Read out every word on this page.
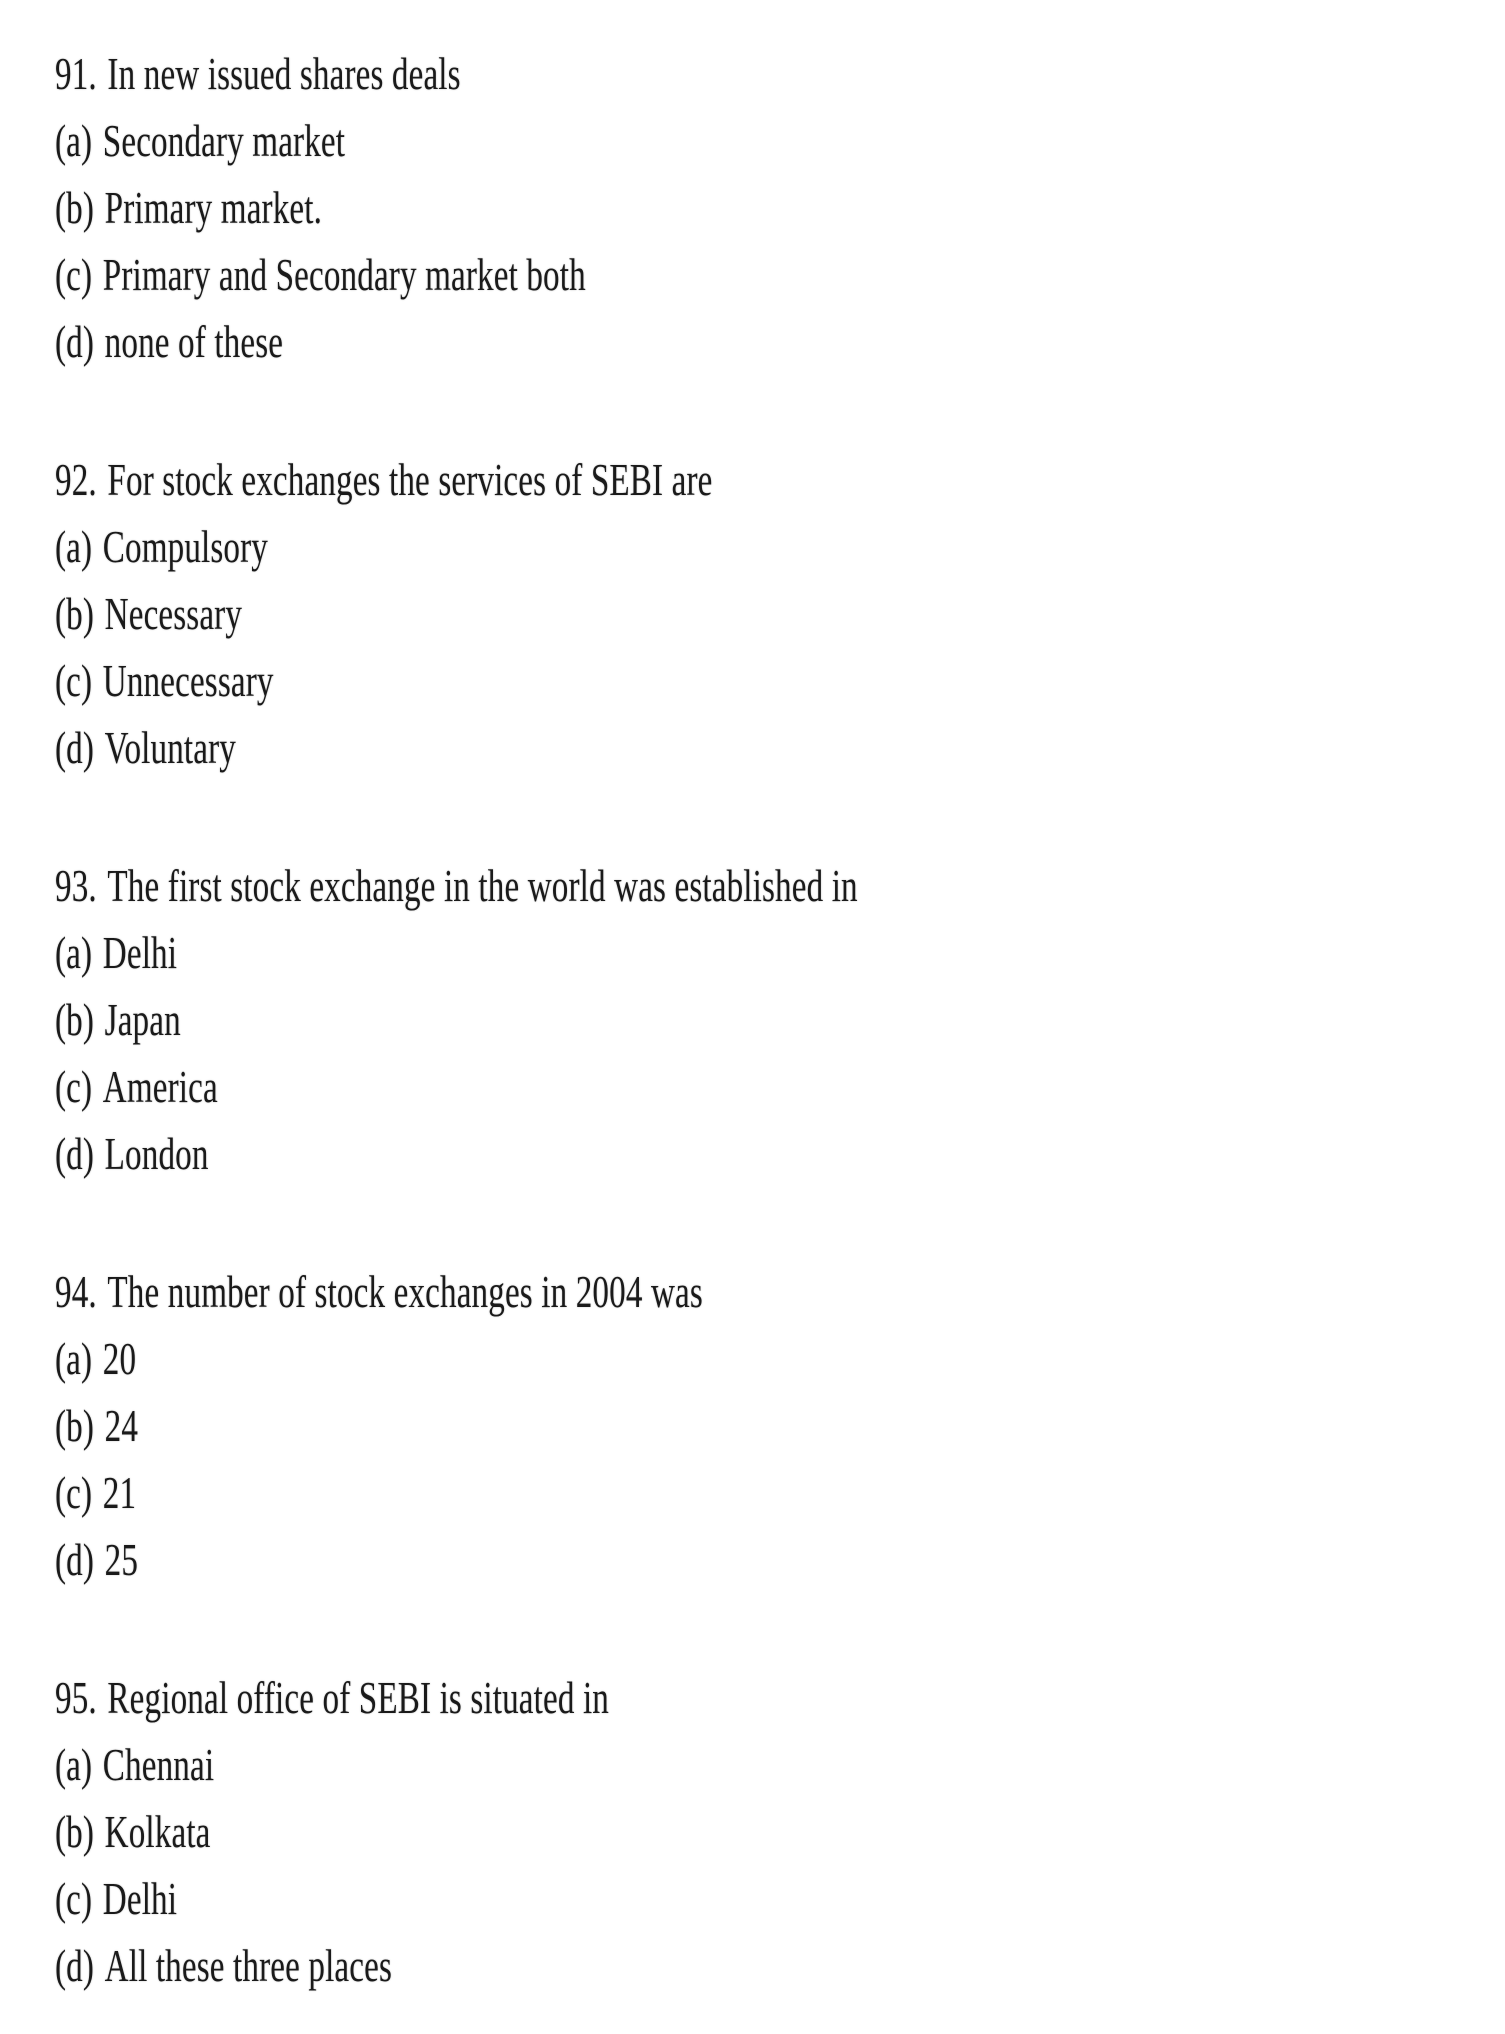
91. In new issued shares deals
(a) Secondary market
(b) Primary market.
(c) Primary and Secondary market both
(d) none of these
92. For stock exchanges the services of SEBI are
(a) Compulsory
(b) Necessary
(c) Unnecessary
(d) Voluntary
93. The first stock exchange in the world was established in
(a) Delhi
(b) Japan
(c) America
(d) London
94. The number of stock exchanges in 2004 was
(a) 20
(b) 24
(c) 21
(d) 25
95. Regional office of SEBI is situated in
(a) Chennai
(b) Kolkata
(c) Delhi
(d) All these three places
